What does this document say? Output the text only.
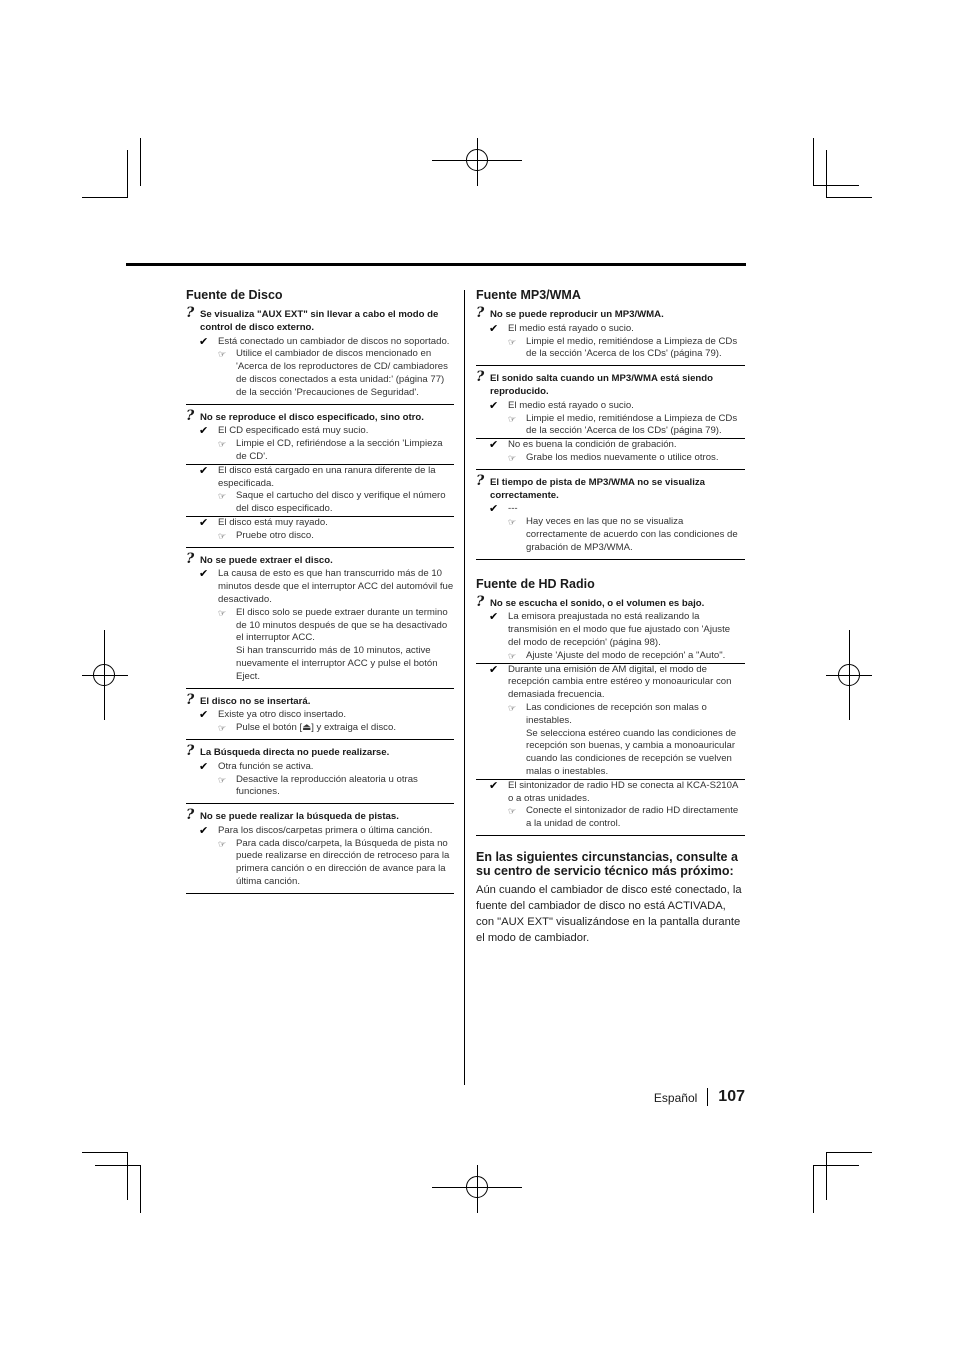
Fuente de Disco
? Se visualiza "AUX EXT" sin llevar a cabo el modo de control de disco externo.
✔ Está conectado un cambiador de discos no soportado.
☞ Utilice el cambiador de discos mencionado en 'Acerca de los reproductores de CD/ cambiadores de discos conectados a esta unidad:' (página 77) de la sección 'Precauciones de Seguridad'.
? No se reproduce el disco especificado, sino otro.
✔ El CD especificado está muy sucio.
☞ Limpie el CD, refiriéndose a la sección 'Limpieza de CD'.
✔ El disco está cargado en una ranura diferente de la especificada.
☞ Saque el cartucho del disco y verifique el número del disco especificado.
✔ El disco está muy rayado.
☞ Pruebe otro disco.
? No se puede extraer el disco.
✔ La causa de esto es que han transcurrido más de 10 minutos desde que el interruptor ACC del automóvil fue desactivado.
☞ El disco solo se puede extraer durante un termino de 10 minutos después de que se ha desactivado el interruptor ACC.
Si han transcurrido más de 10 minutos, active nuevamente el interruptor ACC y pulse el botón Eject.
? El disco no se insertará.
✔ Existe ya otro disco insertado.
☞ Pulse el botón [⏏] y extraiga el disco.
? La Búsqueda directa no puede realizarse.
✔ Otra función se activa.
☞ Desactive la reproducción aleatoria u otras funciones.
? No se puede realizar la búsqueda de pistas.
✔ Para los discos/carpetas primera o última canción.
☞ Para cada disco/carpeta, la Búsqueda de pista no puede realizarse en dirección de retroceso para la primera canción o en dirección de avance para la última canción.
Fuente MP3/WMA
? No se puede reproducir un MP3/WMA.
✔ El medio está rayado o sucio.
☞ Limpie el medio, remitiéndose a Limpieza de CDs de la sección 'Acerca de los CDs' (página 79).
? El sonido salta cuando un MP3/WMA está siendo reproducido.
✔ El medio está rayado o sucio.
☞ Limpie el medio, remitiéndose a Limpieza de CDs de la sección 'Acerca de los CDs' (página 79).
✔ No es buena la condición de grabación.
☞ Grabe los medios nuevamente o utilice otros.
? El tiempo de pista de MP3/WMA no se visualiza correctamente.
✔ ---
☞ Hay veces en las que no se visualiza correctamente de acuerdo con las condiciones de grabación de MP3/WMA.
Fuente de HD Radio
? No se escucha el sonido, o el volumen es bajo.
✔ La emisora preajustada no está realizando la transmisión en el modo que fue ajustado con 'Ajuste del modo de recepción' (página 98).
☞ Ajuste 'Ajuste del modo de recepción' a "Auto".
✔ Durante una emisión de AM digital, el modo de recepción cambia entre estéreo y monoauricular con demasiada frecuencia.
☞ Las condiciones de recepción son malas o inestables.
Se selecciona estéreo cuando las condiciones de recepción son buenas, y cambia a monoauricular cuando las condiciones de recepción se vuelven malas o inestables.
✔ El sintonizador de radio HD se conecta al KCA-S210A o a otras unidades.
☞ Conecte el sintonizador de radio HD directamente a la unidad de control.
En las siguientes circunstancias, consulte a su centro de servicio técnico más próximo:
Aún cuando el cambiador de disco esté conectado, la fuente del cambiador de disco no está ACTIVADA, con "AUX EXT" visualizándose en la pantalla durante el modo de cambiador.
Español	107
